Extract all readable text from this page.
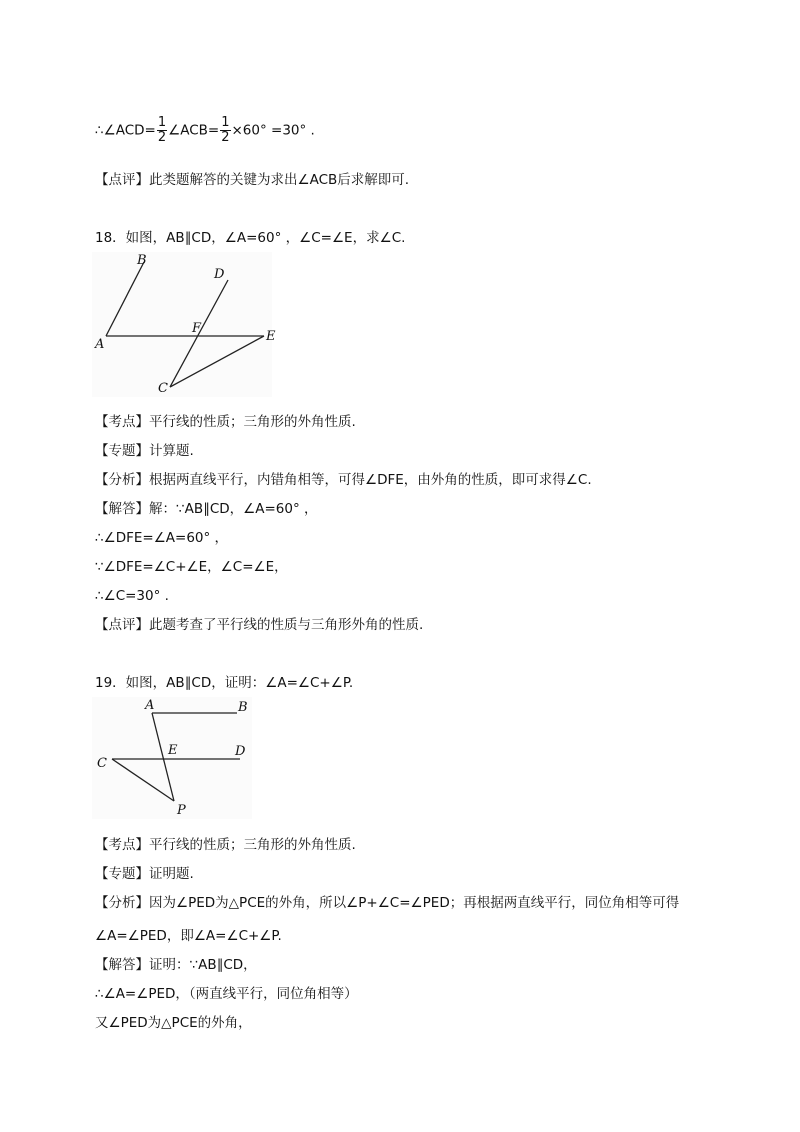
∴∠ACD= $\frac{1}{2}$ ∠ACB= $\frac{1}{2} \times 60^\circ =30^\circ$ .
【点评】此类题解答的关键为求出∠ACB后求解即可.
18．如图，AB∥CD，∠A=60° ，∠C=∠E，求∠C.
B
D
F
A
E
C
【考点】平行线的性质；三角形的外角性质.
【专题】计算题.
【分析】根据两直线平行，内错角相等，可得∠DFE，由外角的性质，即可求得∠C.
【解答】解：∵AB∥CD，∠A=60° ，
∴∠DFE=∠A=60° ，
∵∠DFE=∠C+∠E，∠C=∠E，
∴∠C=30° .
【点评】此题考查了平行线的性质与三角形外角的性质.
19．如图，AB∥CD，证明：∠A=∠C+∠P.
A	B
E	D
C
P
【考点】平行线的性质；三角形的外角性质.
【专题】证明题.
【分析】因为∠PED为△PCE的外角，所以∠P+∠C=∠PED；再根据两直线平行，同位角相等可得
∠A=∠PED，即∠A=∠C+∠P.
【解答】证明：∵AB∥CD，
∴∠A=∠PED，（两直线平行，同位角相等）
又∠PED为△PCE的外角，
